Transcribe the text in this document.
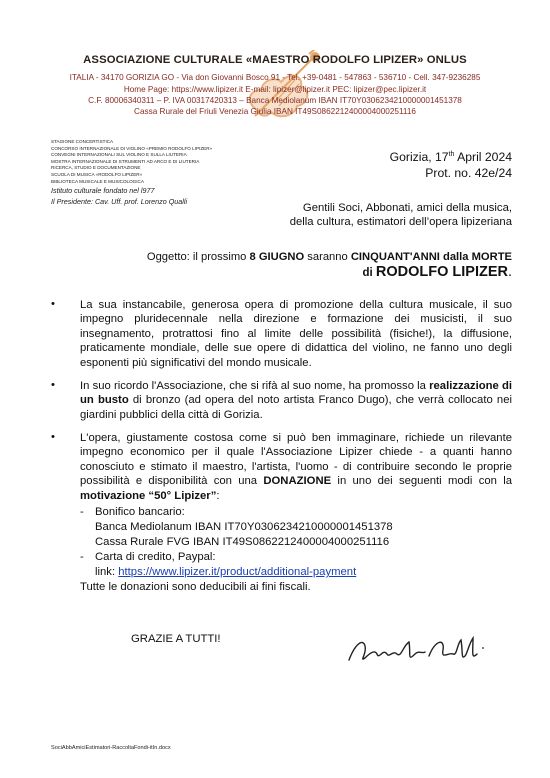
ASSOCIAZIONE CULTURALE «MAESTRO RODOLFO LIPIZER» ONLUS
ITALIA - 34170 GORIZIA GO - Via don Giovanni Bosco 91 - Tel. +39-0481 - 547863 - 536710 - Cell. 347-9236285
Home Page: https://www.lipizer.it E-mail: lipizer@lipizer.it PEC: lipizer@pec.lipizer.it
C.F. 80006340311 – P. IVA 00317420313 – Banca Mediolanum IBAN IT70Y0306234210000001451378
Cassa Rurale del Friuli Venezia Giulia IBAN IT49S0862212400004000251116
STAGIONE CONCERTISTICA
CONCORSO INTERNAZIONALE DI VIOLINO «PREMIO RODOLFO LIPIZER»
CONVEGNI INTERNAZIONALI SUL VIOLINO E SULLA LIUTERIA
MOSTRA INTERNAZIONALE DI STRUMENTI AD ARCO E DI LIUTERIA
RICERCA, STUDIO E DOCUMENTAZIONE
SCUOLA DI MUSICA «RODOLFO LIPIZER»
BIBLIOTECA MUSICALE E MUSICOLOGICA
Istituto culturale fondato nel l977
Il Presidente: Cav. Uff. prof. Lorenzo Qualli
Gorizia, 17th April 2024
Prot. no. 42e/24
Gentili Soci, Abbonati, amici della musica,
della cultura, estimatori dell’opera lipizeriana
Oggetto: il prossimo 8 GIUGNO saranno CINQUANT'ANNI dalla MORTE
di RODOLFO LIPIZER.
• La sua instancabile, generosa opera di promozione della cultura musicale, il suo impegno pluridecennale nella direzione e formazione dei musicisti, il suo insegnamento, protrattosi fino al limite delle possibilità (fisiche!), la diffusione, praticamente mondiale, delle sue opere di didattica del violino, ne fanno uno degli esponenti più significativi del mondo musicale.
• In suo ricordo l'Associazione, che si rifà al suo nome, ha promosso la realizzazione di un busto di bronzo (ad opera del noto artista Franco Dugo), che verrà collocato nei giardini pubblici della città di Gorizia.
• L'opera, giustamente costosa come si può ben immaginare, richiede un rilevante impegno economico per il quale l'Associazione Lipizer chiede - a quanti hanno conosciuto e stimato il maestro, l'artista, l'uomo - di contribuire secondo le proprie possibilità e disponibilità con una DONAZIONE in uno dei seguenti modi con la motivazione “50° Lipizer”:
- Bonifico bancario:
Banca Mediolanum IBAN IT70Y0306234210000001451378
Cassa Rurale FVG IBAN IT49S0862212400004000251116
- Carta di credito, Paypal:
link: https://www.lipizer.it/product/additional-payment
Tutte le donazioni sono deducibili ai fini fiscali.
GRAZIE A TUTTI!
SociAbbAmiciEstimatori-RaccoltaFondi-itIn.docx
